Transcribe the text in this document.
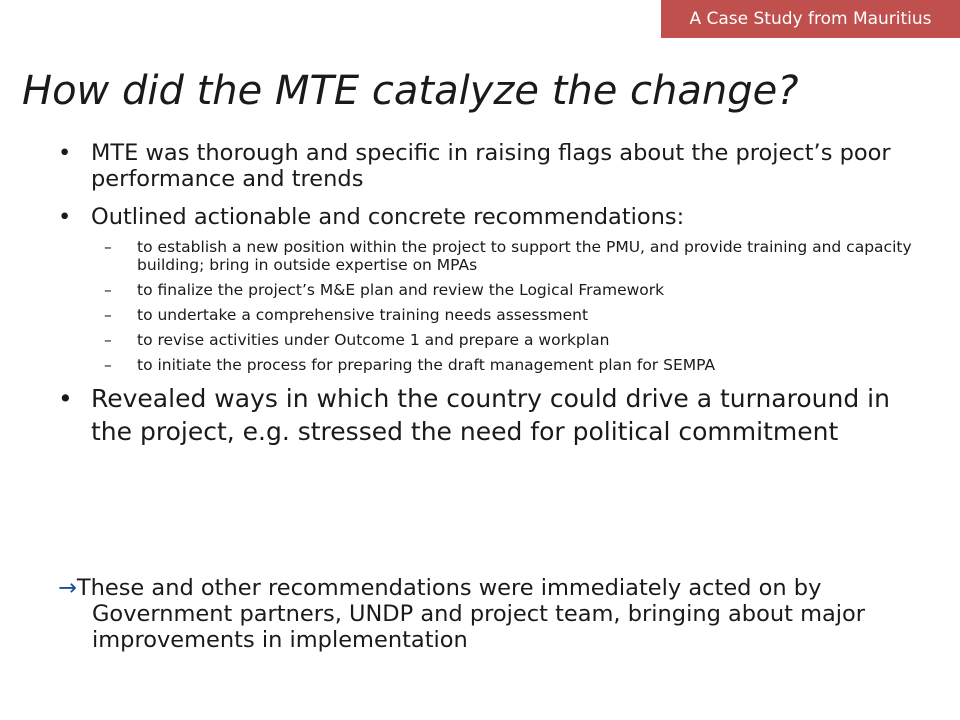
A Case Study from Mauritius
How did the MTE catalyze the change?
• MTE was thorough and specific in raising flags about the project’s poor performance and trends
• Outlined actionable and concrete recommendations:
– to establish a new position within the project to support the PMU, and provide training and capacity building; bring in outside expertise on MPAs
– to finalize the project’s M&E plan and review the Logical Framework
– to undertake a comprehensive training needs assessment
– to revise activities under Outcome 1 and prepare a workplan
– to initiate the process for preparing the draft management plan for SEMPA
• Revealed ways in which the country could drive a turnaround in the project, e.g. stressed the need for political commitment
→These and other recommendations were immediately acted on by
Government partners, UNDP and project team, bringing about major improvements in implementation
